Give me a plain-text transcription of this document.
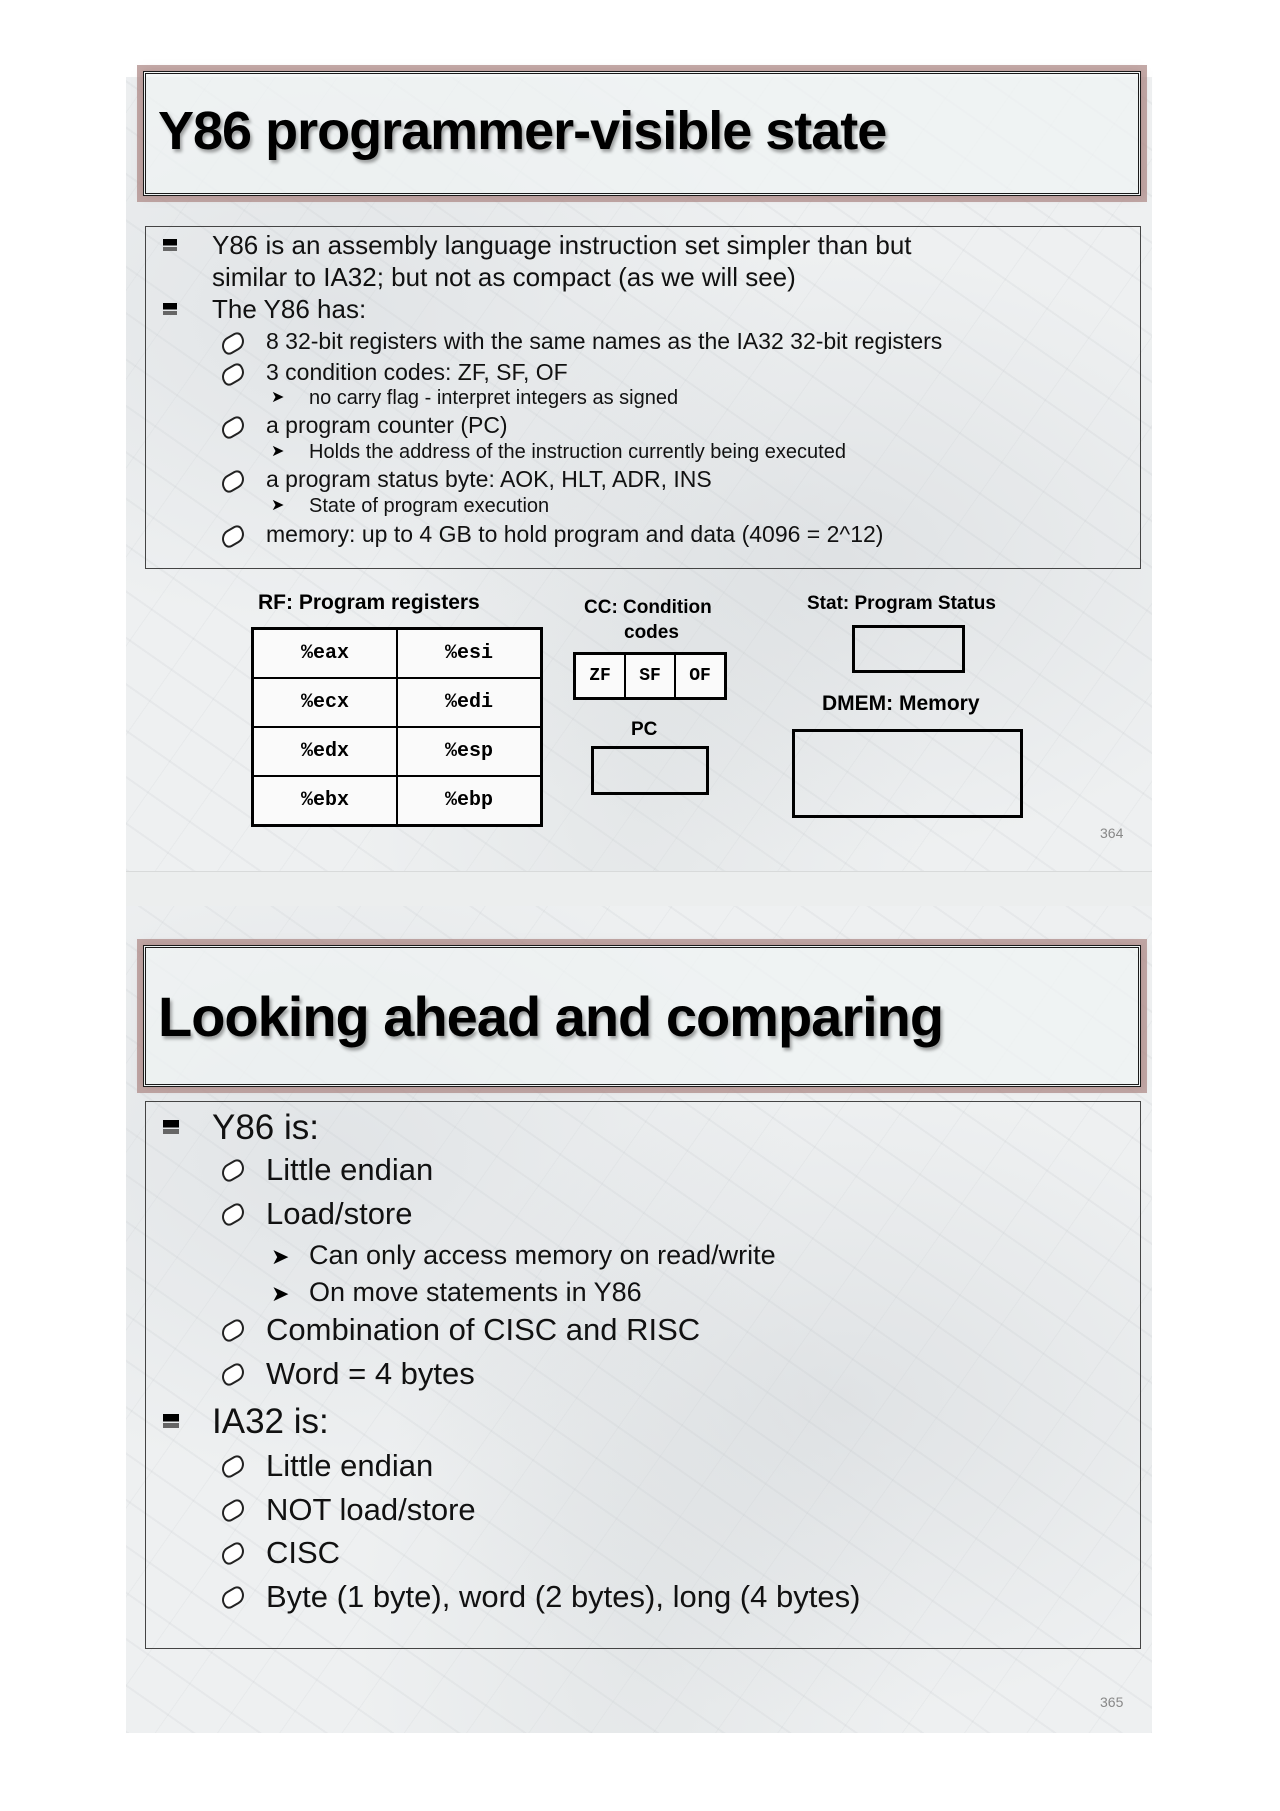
Y86 programmer-visible state
Y86 is an assembly language instruction set simpler than but
similar to IA32; but not as compact (as we will see)
The Y86 has:
8 32-bit registers with the same names as the IA32 32-bit registers
3 condition codes: ZF, SF, OF
➤ no carry flag - interpret integers as signed
a program counter (PC)
➤ Holds the address of the instruction currently being executed
a program status byte: AOK, HLT, ADR, INS
➤ State of program execution
memory: up to 4 GB to hold program and data (4096 = 2^12)
RF: Program registers
%eax	%esi
%ecx	%edi
%edx	%esp
%ebx	%ebp
CC: Condition
codes
ZF	SF	OF
PC
Stat: Program Status
DMEM: Memory
364
Looking ahead and comparing
Y86 is:
Little endian
Load/store
➤ Can only access memory on read/write
➤ On move statements in Y86
Combination of CISC and RISC
Word = 4 bytes
IA32 is:
Little endian
NOT load/store
CISC
Byte (1 byte), word (2 bytes), long (4 bytes)
365
